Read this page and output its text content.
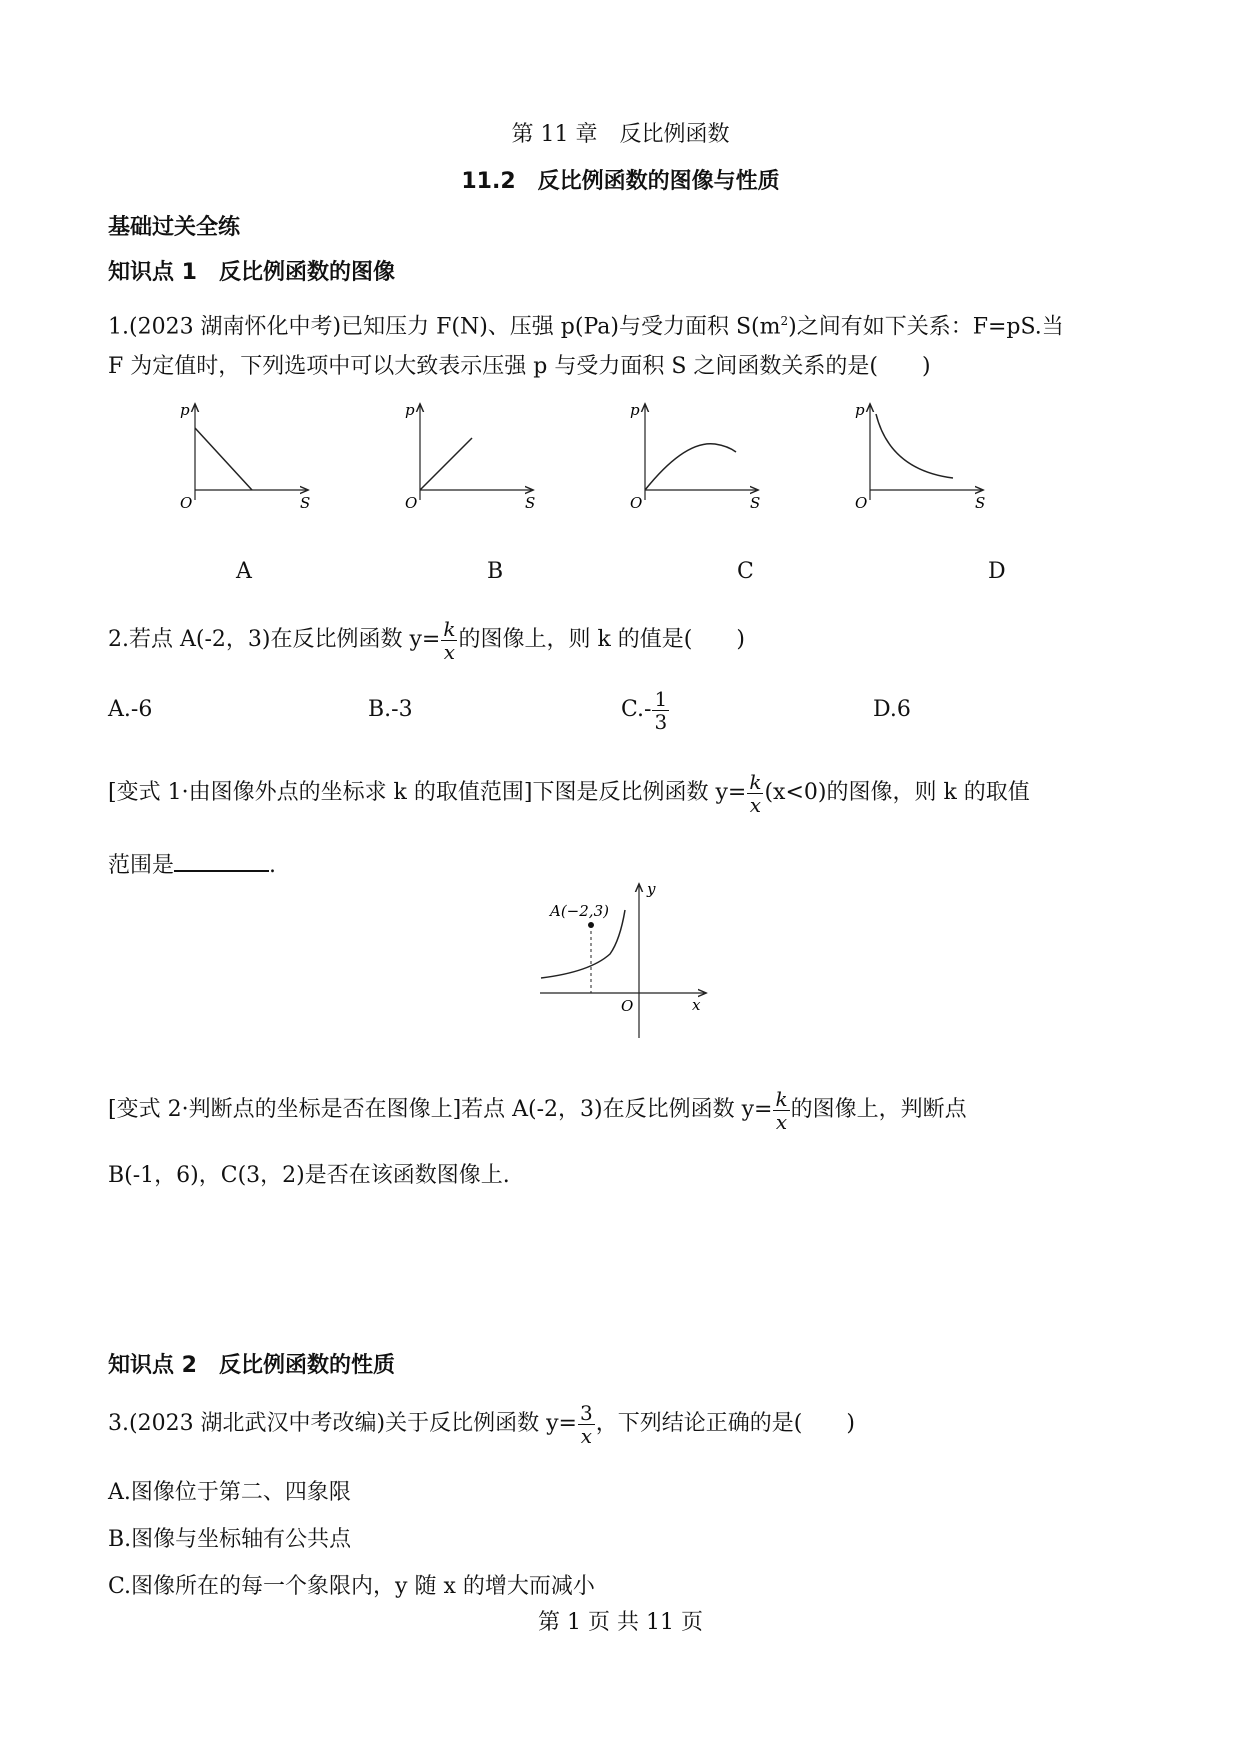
第 11 章　反比例函数
11.2　反比例函数的图像与性质
基础过关全练
知识点 1　反比例函数的图像
1.(2023 湖南怀化中考)已知压力 F(N)、压强 p(Pa)与受力面积 $S(m^2)$之间有如下关系：F=pS.当
F 为定值时，下列选项中可以大致表示压强 p 与受力面积 S 之间函数关系的是(　　)
p
S
O
p
S
O
p
S
O
p
S
O
A	B	C	D
2.若点 A(-2，3)在反比例函数 $y= \frac{k}{x}$ 的图像上，则 k 的值是(　　)
A.-6	B.-3	$C.- \frac{1}{3}$	D.6
[变式 1·由图像外点的坐标求 k 的取值范围]下图是反比例函数 $y= \frac{k}{x} (x<0)$的图像，则 k 的取值
范围是	.
A(−2,3)
y
x
O
[变式 2·判断点的坐标是否在图像上]若点 A(-2，3)在反比例函数 $y= \frac{k}{x}$ 的图像上，判断点
B(-1，6)，C(3，2)是否在该函数图像上.
知识点 2　反比例函数的性质
3.(2023 湖北武汉中考改编)关于反比例函数 $y= \frac{3}{x}$ ，下列结论正确的是(　　)
A.图像位于第二、四象限
B.图像与坐标轴有公共点
C.图像所在的每一个象限内，y 随 x 的增大而减小
第 1 页 共 11 页
